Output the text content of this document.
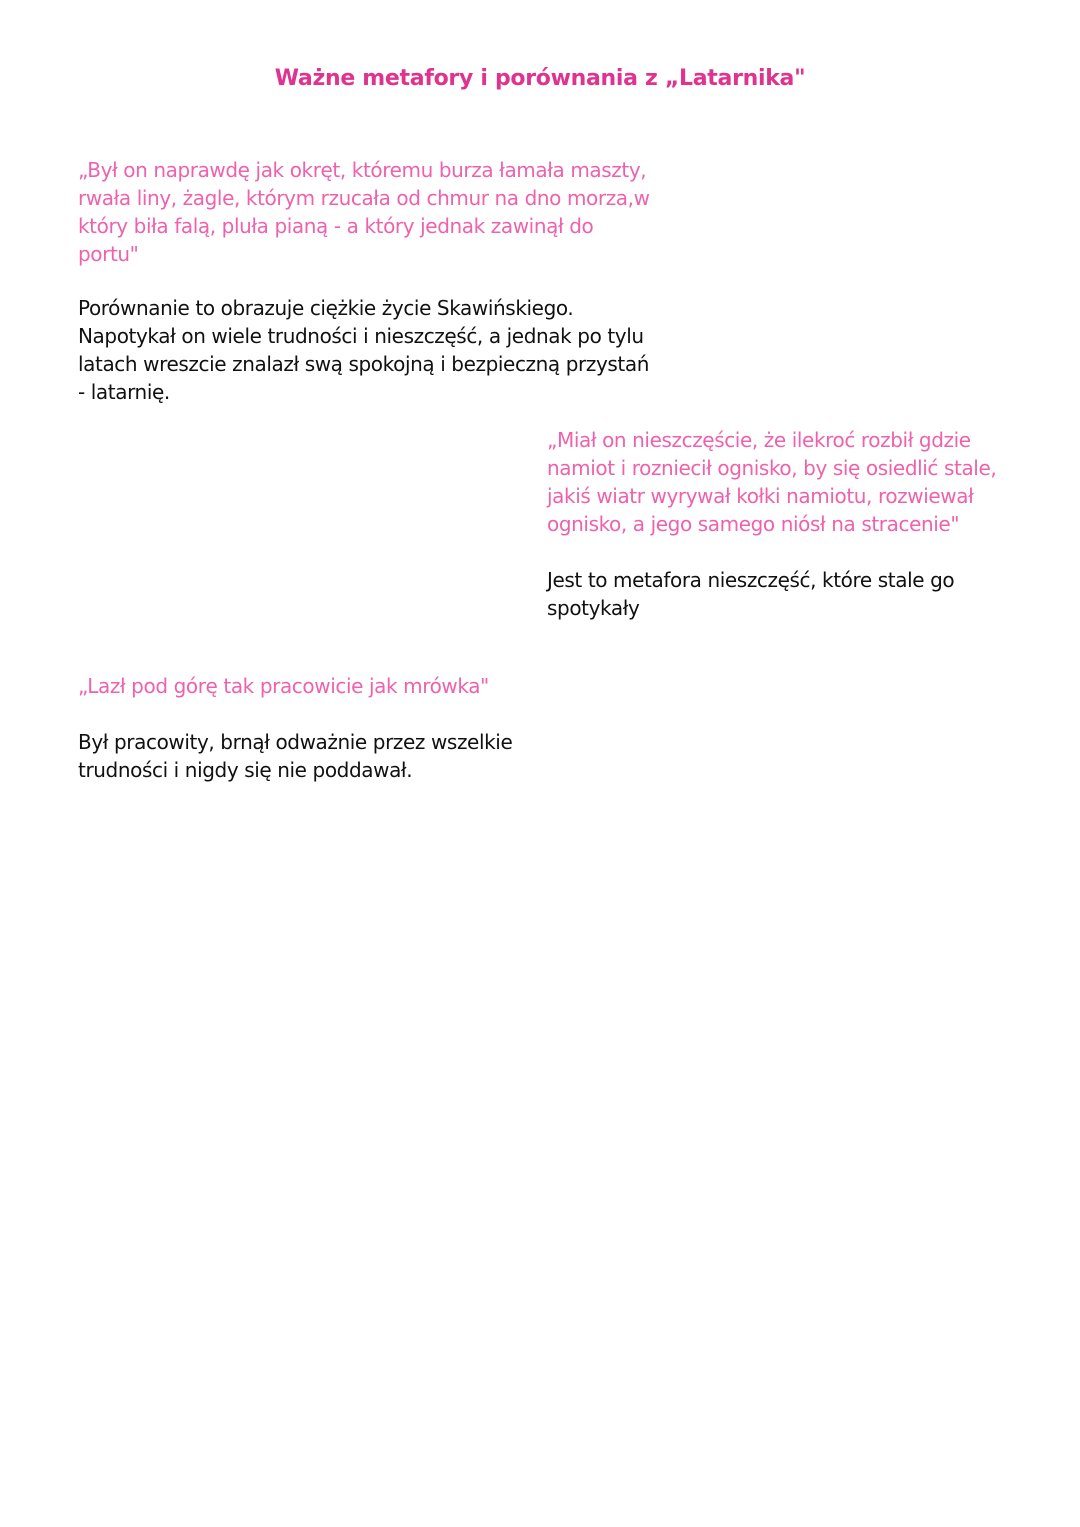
Ważne metafory i porównania z „Latarnika"
„Był on naprawdę jak okręt, któremu burza łamała maszty,
rwała liny, żagle, którym rzucała od chmur na dno morza,w
który biła falą, pluła pianą - a który jednak zawinął do
portu"
Porównanie to obrazuje ciężkie życie Skawińskiego.
Napotykał on wiele trudności i nieszczęść, a jednak po tylu
latach wreszcie znalazł swą spokojną i bezpieczną przystań
- latarnię.
„Miał on nieszczęście, że ilekroć rozbił gdzie
namiot i rozniecił ognisko, by się osiedlić stale,
jakiś wiatr wyrywał kołki namiotu, rozwiewał
ognisko, a jego samego niósł na stracenie"
Jest to metafora nieszczęść, które stale go
spotykały
„Lazł pod górę tak pracowicie jak mrówka"
Był pracowity, brnął odważnie przez wszelkie
trudności i nigdy się nie poddawał.
